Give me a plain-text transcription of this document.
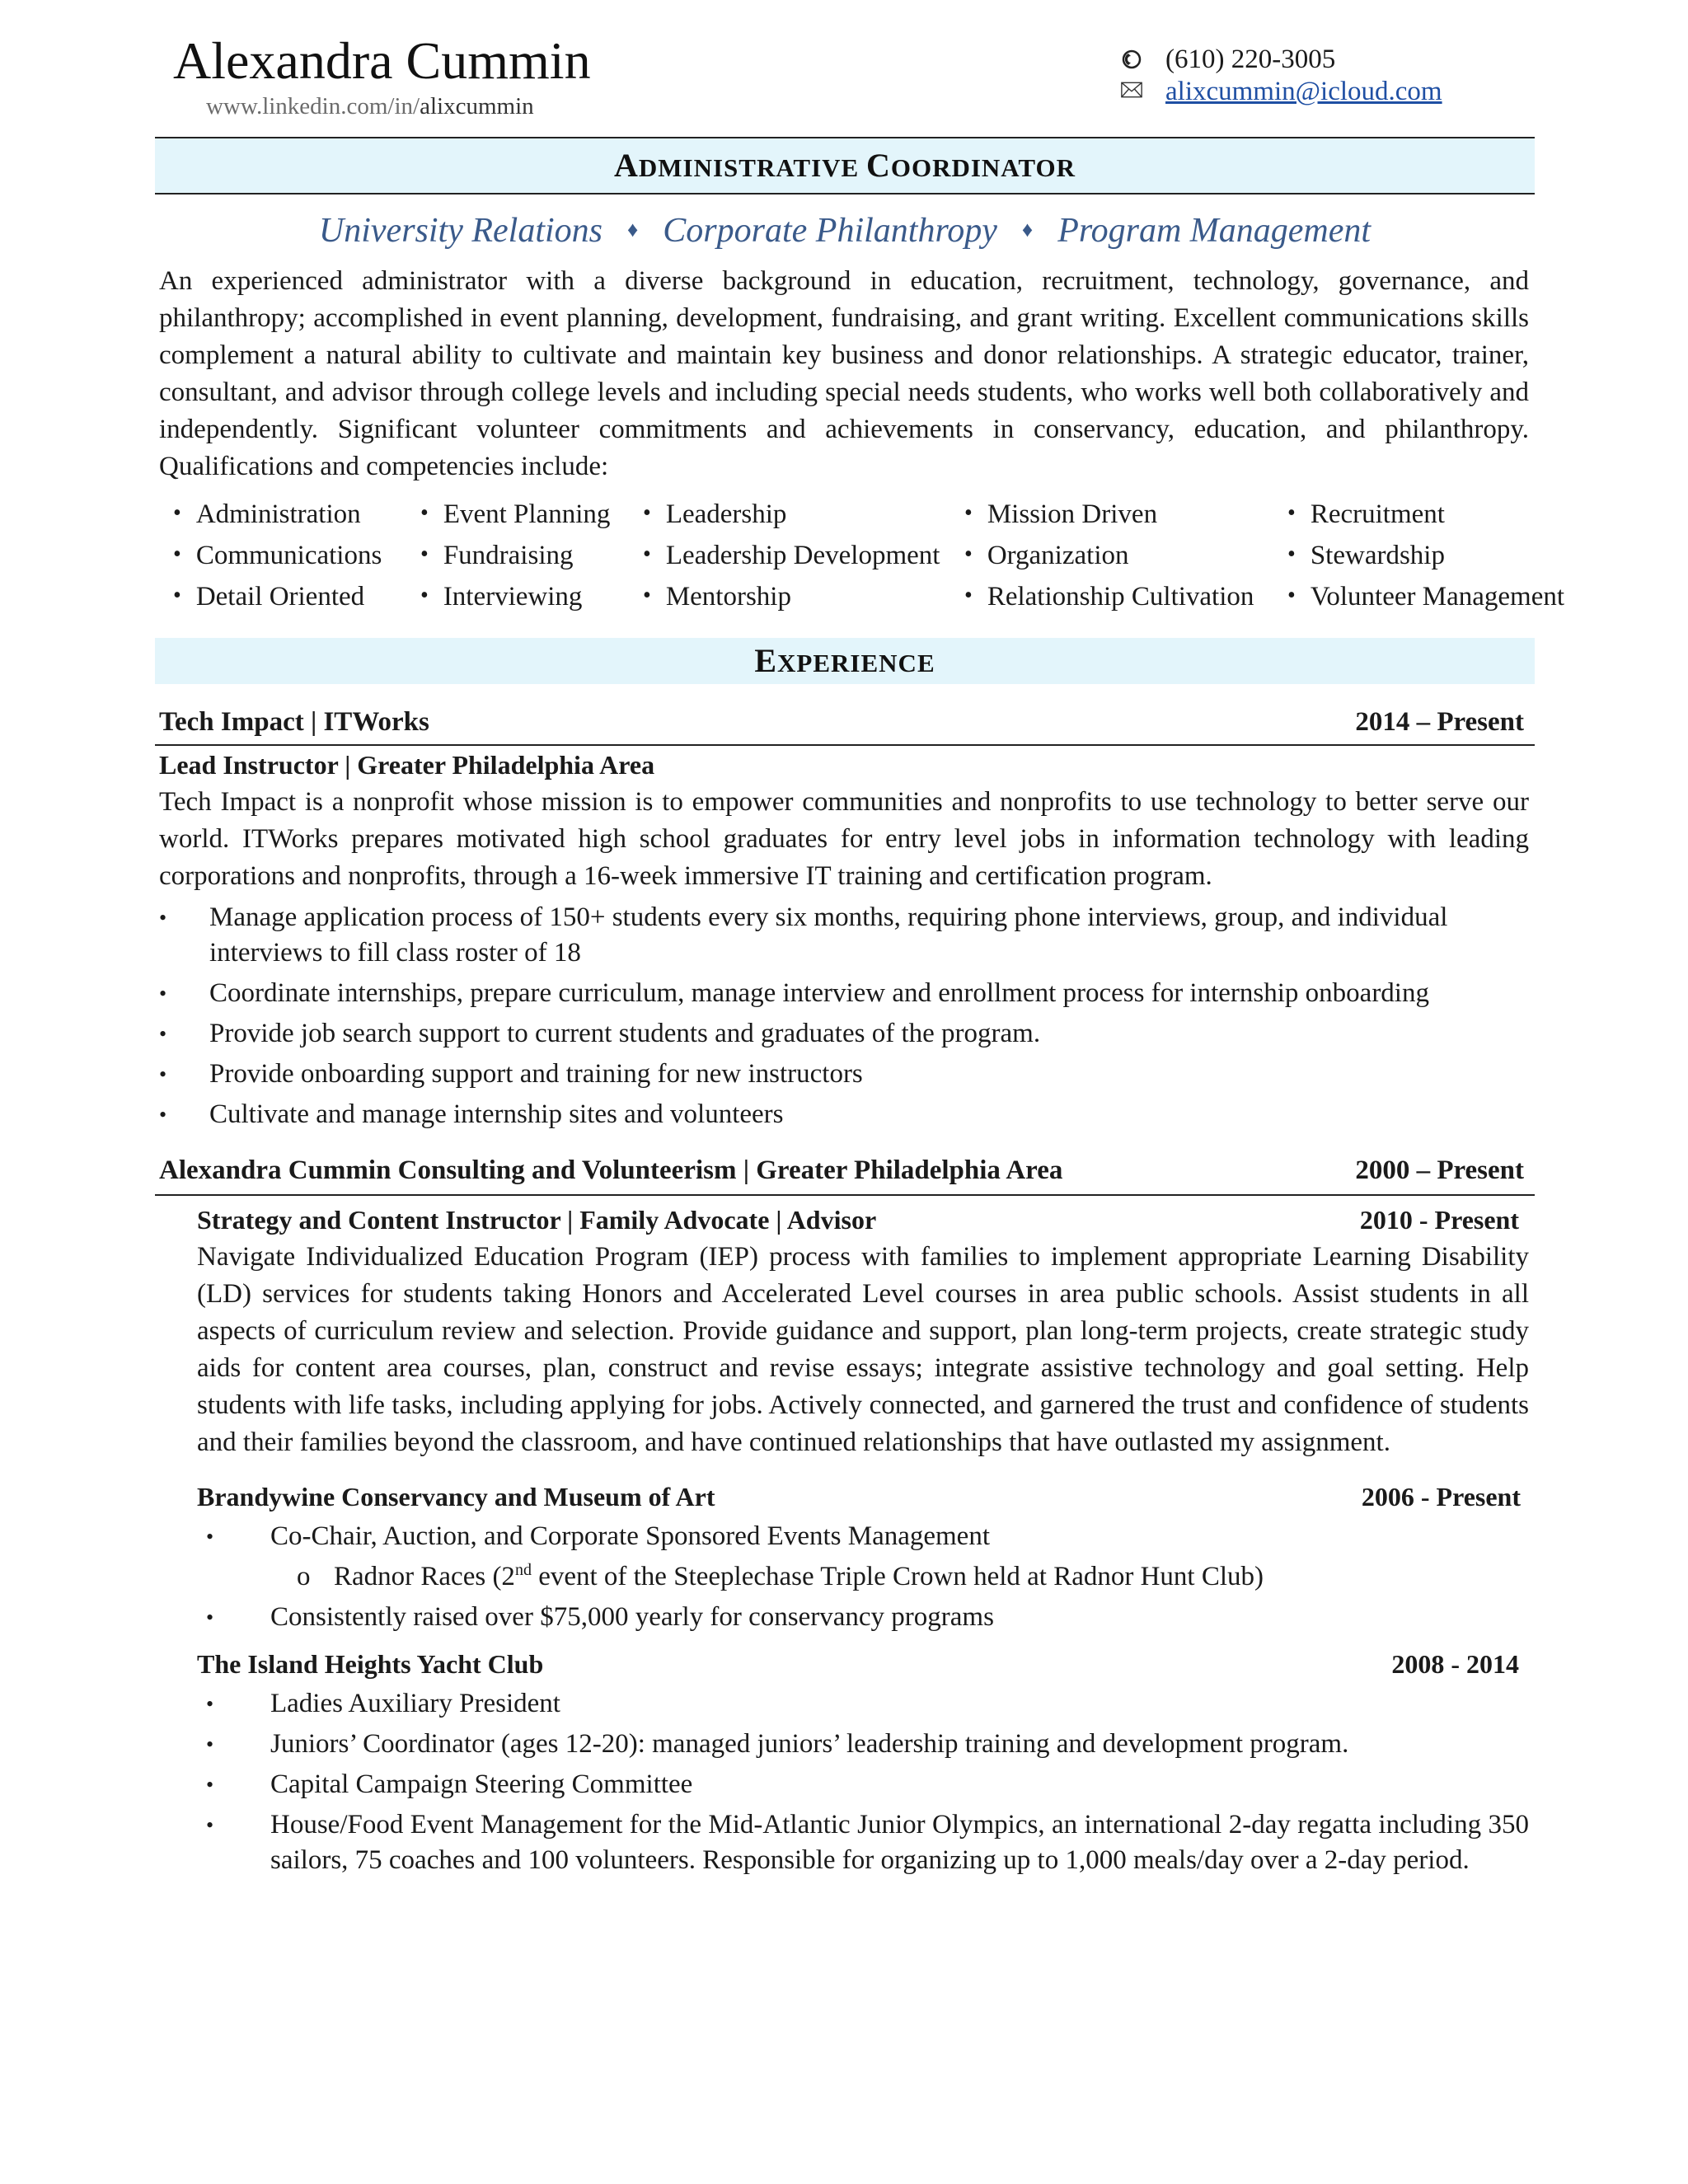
Alexandra Cummin
www.linkedin.com/in/alixcummin
(610) 220-3005
alixcummin@icloud.com
ADMINISTRATIVE COORDINATOR
University Relations ♦ Corporate Philanthropy ♦ Program Management
An experienced administrator with a diverse background in education, recruitment, technology, governance, and philanthropy; accomplished in event planning, development, fundraising, and grant writing. Excellent communications skills complement a natural ability to cultivate and maintain key business and donor relationships. A strategic educator, trainer, consultant, and advisor through college levels and including special needs students, who works well both collaboratively and independently. Significant volunteer commitments and achievements in conservancy, education, and philanthropy. Qualifications and competencies include:
• Administration
• Communications
• Detail Oriented
• Event Planning
• Fundraising
• Interviewing
• Leadership
• Leadership Development
• Mentorship
• Mission Driven
• Organization
• Relationship Cultivation
• Recruitment
• Stewardship
• Volunteer Management
EXPERIENCE
Tech Impact | ITWorks	2014 – Present
Lead Instructor | Greater Philadelphia Area
Tech Impact is a nonprofit whose mission is to empower communities and nonprofits to use technology to better serve our world. ITWorks prepares motivated high school graduates for entry level jobs in information technology with leading corporations and nonprofits, through a 16-week immersive IT training and certification program.
•	Manage application process of 150+ students every six months, requiring phone interviews, group, and individual interviews to fill class roster of 18
•	Coordinate internships, prepare curriculum, manage interview and enrollment process for internship onboarding
•	Provide job search support to current students and graduates of the program.
•	Provide onboarding support and training for new instructors
•	Cultivate and manage internship sites and volunteers
Alexandra Cummin Consulting and Volunteerism | Greater Philadelphia Area	2000 – Present
Strategy and Content Instructor | Family Advocate | Advisor	2010 - Present
Navigate Individualized Education Program (IEP) process with families to implement appropriate Learning Disability (LD) services for students taking Honors and Accelerated Level courses in area public schools. Assist students in all aspects of curriculum review and selection. Provide guidance and support, plan long-term projects, create strategic study aids for content area courses, plan, construct and revise essays; integrate assistive technology and goal setting. Help students with life tasks, including applying for jobs. Actively connected, and garnered the trust and confidence of students and their families beyond the classroom, and have continued relationships that have outlasted my assignment.
Brandywine Conservancy and Museum of Art	2006 - Present
•	Co-Chair, Auction, and Corporate Sponsored Events Management
o Radnor Races (2nd event of the Steeplechase Triple Crown held at Radnor Hunt Club)
•	Consistently raised over $75,000 yearly for conservancy programs
The Island Heights Yacht Club	2008 - 2014
•	Ladies Auxiliary President
•	Juniors’ Coordinator (ages 12-20): managed juniors’ leadership training and development program.
•	Capital Campaign Steering Committee
•	House/Food Event Management for the Mid-Atlantic Junior Olympics, an international 2-day regatta including 350 sailors, 75 coaches and 100 volunteers. Responsible for organizing up to 1,000 meals/day over a 2-day period.
